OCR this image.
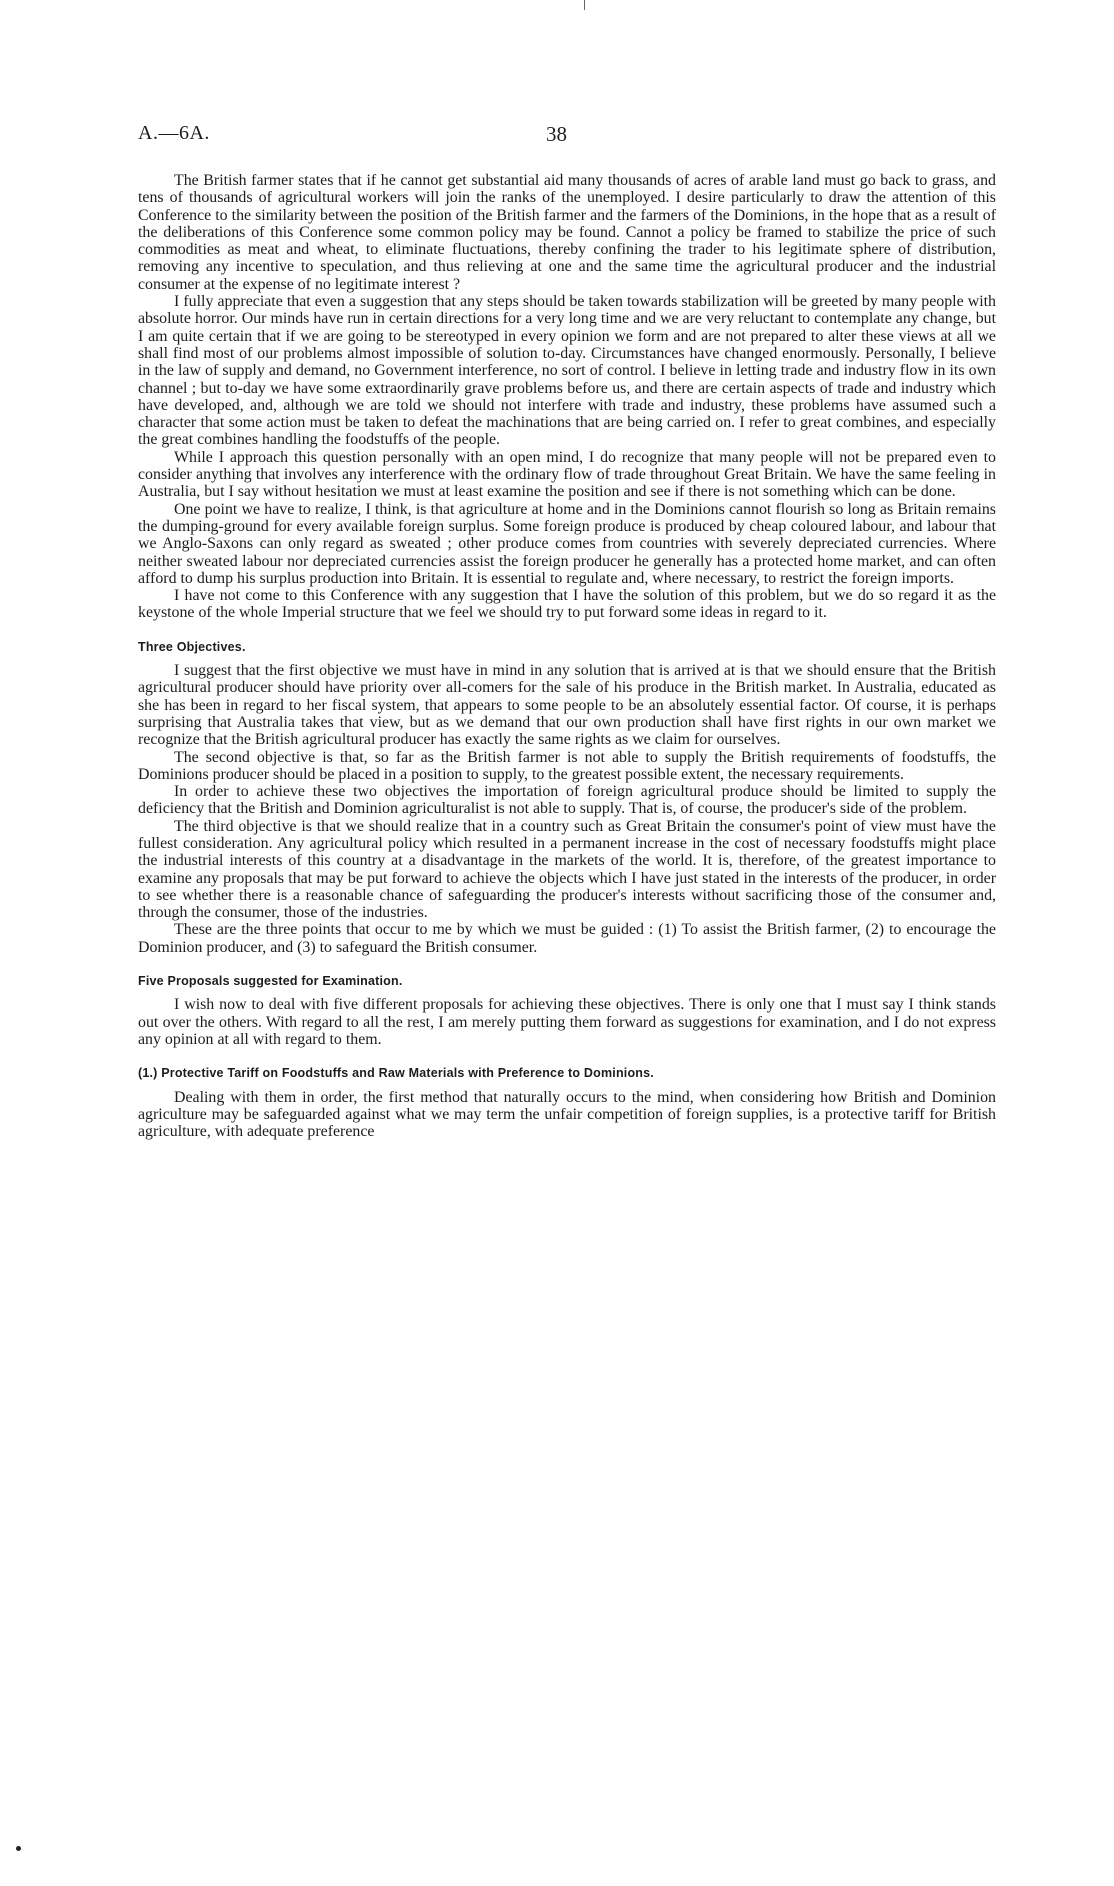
A.—6A.	38

The British farmer states that if he cannot get substantial aid many thousands of acres of arable land must go back to grass, and tens of thousands of agricultural workers will join the ranks of the unemployed. I desire particularly to draw the attention of this Conference to the similarity between the position of the British farmer and the farmers of the Dominions, in the hope that as a result of the deliberations of this Conference some common policy may be found. Cannot a policy be framed to stabilize the price of such commodities as meat and wheat, to eliminate fluctuations, thereby confining the trader to his legitimate sphere of distribution, removing any incentive to speculation, and thus relieving at one and the same time the agricultural producer and the industrial consumer at the expense of no legitimate interest ?

I fully appreciate that even a suggestion that any steps should be taken towards stabilization will be greeted by many people with absolute horror. Our minds have run in certain directions for a very long time and we are very reluctant to contemplate any change, but I am quite certain that if we are going to be stereotyped in every opinion we form and are not prepared to alter these views at all we shall find most of our problems almost impossible of solution to-day. Circumstances have changed enormously. Personally, I believe in the law of supply and demand, no Government interference, no sort of control. I believe in letting trade and industry flow in its own channel ; but to-day we have some extraordinarily grave problems before us, and there are certain aspects of trade and industry which have developed, and, although we are told we should not interfere with trade and industry, these problems have assumed such a character that some action must be taken to defeat the machinations that are being carried on. I refer to great combines, and especially the great combines handling the foodstuffs of the people.

While I approach this question personally with an open mind, I do recognize that many people will not be prepared even to consider anything that involves any interference with the ordinary flow of trade throughout Great Britain. We have the same feeling in Australia, but I say without hesitation we must at least examine the position and see if there is not something which can be done.

One point we have to realize, I think, is that agriculture at home and in the Dominions cannot flourish so long as Britain remains the dumping-ground for every available foreign surplus. Some foreign produce is produced by cheap coloured labour, and labour that we Anglo-Saxons can only regard as sweated ; other produce comes from countries with severely depreciated currencies. Where neither sweated labour nor depreciated currencies assist the foreign producer he generally has a protected home market, and can often afford to dump his surplus production into Britain. It is essential to regulate and, where necessary, to restrict the foreign imports.

I have not come to this Conference with any suggestion that I have the solution of this problem, but we do so regard it as the keystone of the whole Imperial structure that we feel we should try to put forward some ideas in regard to it.

Three Objectives.

I suggest that the first objective we must have in mind in any solution that is arrived at is that we should ensure that the British agricultural producer should have priority over all-comers for the sale of his produce in the British market. In Australia, educated as she has been in regard to her fiscal system, that appears to some people to be an absolutely essential factor. Of course, it is perhaps surprising that Australia takes that view, but as we demand that our own production shall have first rights in our own market we recognize that the British agricultural producer has exactly the same rights as we claim for ourselves.

The second objective is that, so far as the British farmer is not able to supply the British requirements of foodstuffs, the Dominions producer should be placed in a position to supply, to the greatest possible extent, the necessary requirements.

In order to achieve these two objectives the importation of foreign agricultural produce should be limited to supply the deficiency that the British and Dominion agriculturalist is not able to supply. That is, of course, the producer's side of the problem.

The third objective is that we should realize that in a country such as Great Britain the consumer's point of view must have the fullest consideration. Any agricultural policy which resulted in a permanent increase in the cost of necessary foodstuffs might place the industrial interests of this country at a disadvantage in the markets of the world. It is, therefore, of the greatest importance to examine any proposals that may be put forward to achieve the objects which I have just stated in the interests of the producer, in order to see whether there is a reasonable chance of safeguarding the producer's interests without sacrificing those of the consumer and, through the consumer, those of the industries.

These are the three points that occur to me by which we must be guided : (1) To assist the British farmer, (2) to encourage the Dominion producer, and (3) to safeguard the British consumer.

Five Proposals suggested for Examination.

I wish now to deal with five different proposals for achieving these objectives. There is only one that I must say I think stands out over the others. With regard to all the rest, I am merely putting them forward as suggestions for examination, and I do not express any opinion at all with regard to them.

(1.) Protective Tariff on Foodstuffs and Raw Materials with Preference to Dominions.

Dealing with them in order, the first method that naturally occurs to the mind, when considering how British and Dominion agriculture may be safeguarded against what we may term the unfair competition of foreign supplies, is a protective tariff for British agriculture, with adequate preference
